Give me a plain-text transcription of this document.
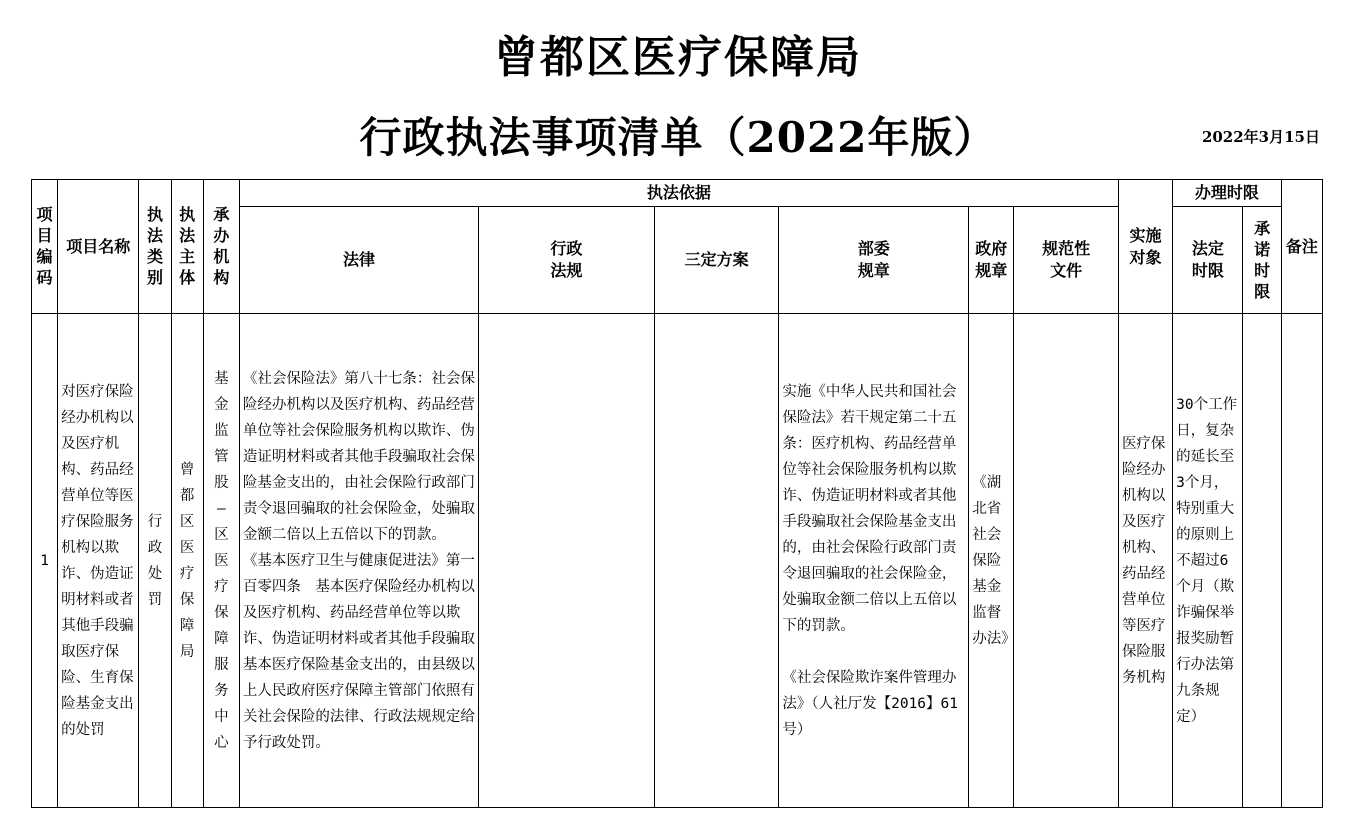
曾都区医疗保障局
行政执法事项清单（2022年版）	2022年3月15日
项目编码	项目名称	执法类别	执法主体	承办机构	执法依据						实施对象	办理时限		备注
					法律	行政法规	三定方案	部委规章	政府规章	规范性文件		法定时限	承诺时限	
1	对医疗保险经办机构以及医疗机构、药品经营单位等医疗保险服务机构以欺诈、伪造证明材料或者其他手段骗取医疗保险、生育保险基金支出的处罚	行政处罚	曾都区医疗保障局	基金监管股—区医疗保障服务中心	《社会保险法》第八十七条：社会保险经办机构以及医疗机构、药品经营单位等社会保险服务机构以欺诈、伪造证明材料或者其他手段骗取社会保险基金支出的，由社会保险行政部门责令退回骗取的社会保险金，处骗取金额二倍以上五倍以下的罚款。
《基本医疗卫生与健康促进法》第一百零四条　基本医疗保险经办机构以及医疗机构、药品经营单位等以欺诈、伪造证明材料或者其他手段骗取基本医疗保险基金支出的，由县级以上人民政府医疗保障主管部门依照有关社会保险的法律、行政法规规定给予行政处罚。			实施《中华人民共和国社会保险法》若干规定第二十五条：医疗机构、药品经营单位等社会保险服务机构以欺诈、伪造证明材料或者其他手段骗取社会保险基金支出的，由社会保险行政部门责令退回骗取的社会保险金，处骗取金额二倍以上五倍以下的罚款。
《社会保险欺诈案件管理办法》（人社厅发【2016】61号）	《湖北省社会保险基金监督办法》		医疗保险经办机构以及医疗机构、药品经营单位等医疗保险服务机构	30个工作日，复杂的延长至3个月，特别重大的原则上不超过6个月（欺诈骗保举报奖励暂行办法第九条规定）		
